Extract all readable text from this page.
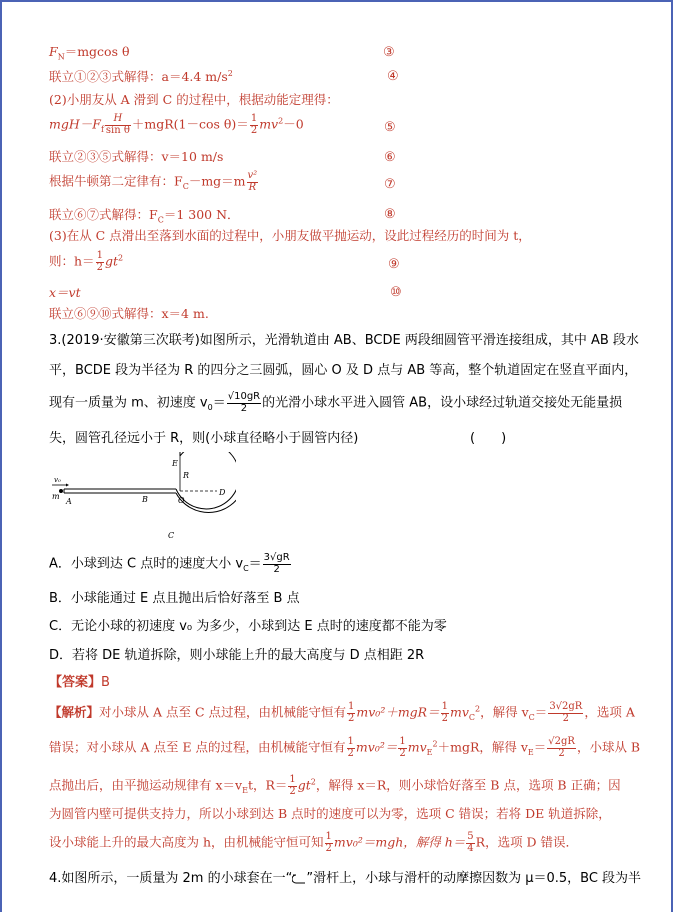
$F_N=mgcos$ θ	③
联立①②③式解得：a＝4.4 $m/s^2$	④
(2)小朋友从 A 滑到 C 的过程中，根据动能定理得：
$mgH-F_f \frac{H}{\text{sin θ}} +mgR(1-\cos$ $\theta)= \frac{1}{2} mv^2-0$	⑤
联立②③⑤式解得：v＝10 m/s	⑥
根据牛顿第二定律有：$F_C-mg=m \frac{\text{v²}}{R}$	⑦
联立⑥⑦式解得：$F_C=1$ 300 N．	⑧
(3)在从 C 点滑出至落到水面的过程中，小朋友做平抛运动，设此过程经历的时间为 t，
则：$h= \frac{1}{2} gt^2$	⑨
x＝vt	⑩
联立⑥⑨⑩式解得：x＝4 m.
3.(2019·安徽第三次联考)如图所示，光滑轨道由 AB、BCDE 两段细圆管平滑连接组成，其中 AB 段水
平，BCDE 段为半径为 R 的四分之三圆弧，圆心 O 及 D 点与 AB 等高，整个轨道固定在竖直平面内，
现有一质量为 m、初速度 $v_0= \frac{√10gR}{2}$ 的光滑小球水平进入圆管 AB，设小球经过轨道交接处无能量损
失，圆管孔径远小于 R，则(小球直径略小于圆管内径)	(　　)
v₀
m
A	B	O
D
E
R
C
A．小球到达 C 点时的速度大小 $v_C= \frac{3√gR}{2}$
B．小球能通过 E 点且抛出后恰好落至 B 点
C．无论小球的初速度 v₀ 为多少，小球到达 E 点时的速度都不能为零
D．若将 DE 轨道拆除，则小球能上升的最大高度与 D 点相距 2R
【答案】B
【解析】对小球从 A 点至 C 点过程，由机械能守恒有 $\frac{1}{2} mv_0^2+mgR= \frac{1}{2} mv_C^2$，解得 $v_C= \frac{3√2gR}{2}$ ，选项 A
错误；对小球从 A 点至 E 点的过程，由机械能守恒有 $\frac{1}{2} mv_0^2= \frac{1}{2} mv_E^2+mgR$，解得 $v_E= \frac{√2gR}{2}$ ，小球从 B
点抛出后，由平抛运动规律有 $x=v_Et$，$R= \frac{1}{2} gt^2$，解得 x＝R，则小球恰好落至 B 点，选项 B 正确；因
为圆管内壁可提供支持力，所以小球到达 B 点时的速度可以为零，选项 C 错误；若将 DE 轨道拆除，
设小球能上升的最大高度为 h，由机械能守恒可知 $\frac{1}{2} mv_0^2=mgh$，解得 $h= \frac{5}{4}$ R，选项 D 错误．
4.如图所示，一质量为 2m 的小球套在一“ ”滑杆上，小球与滑杆的动摩擦因数为 μ＝0.5，BC 段为半
